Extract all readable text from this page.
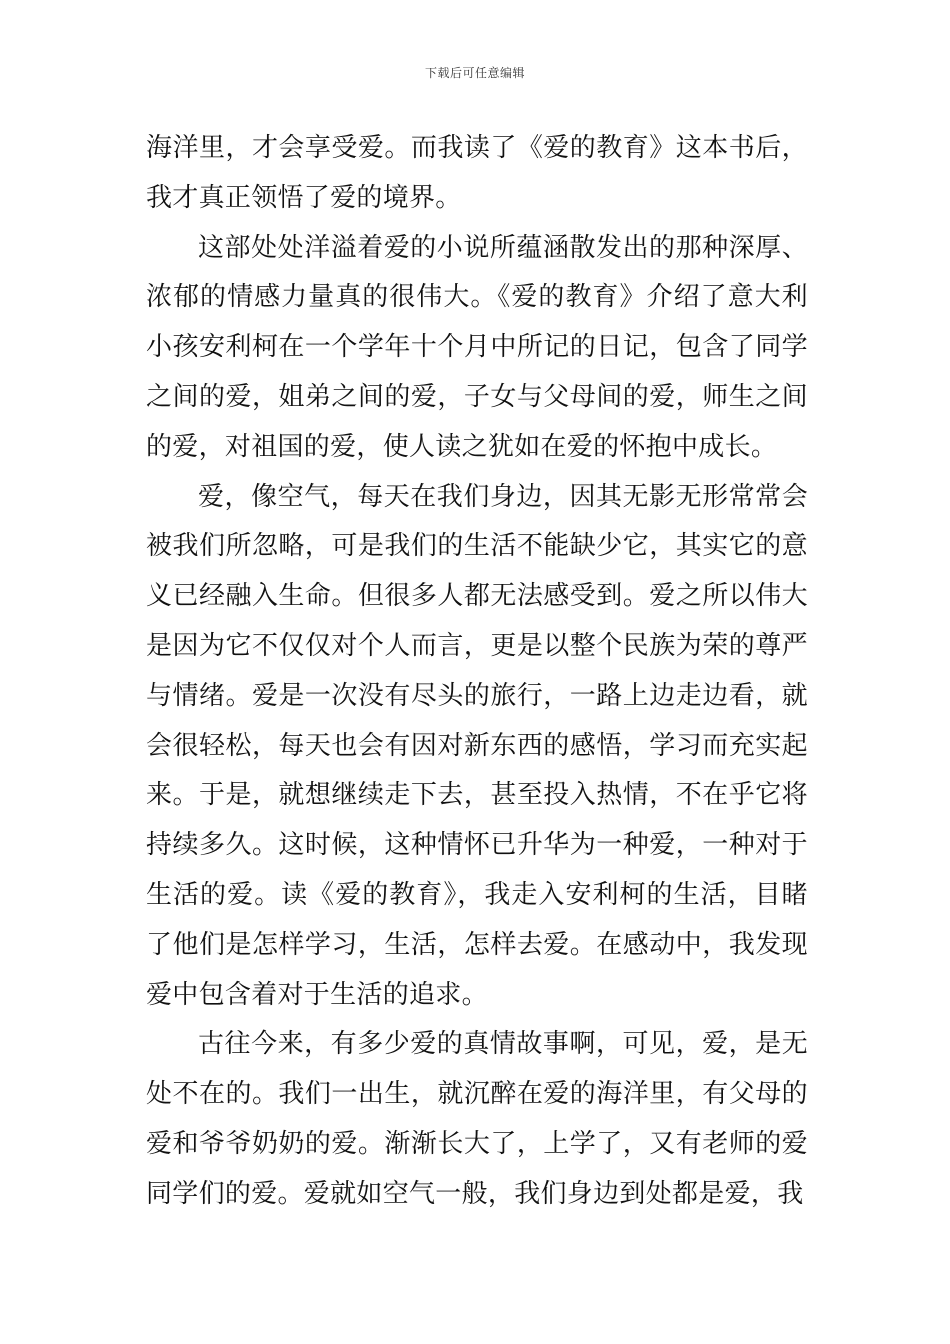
下载后可任意编辑

海洋里，才会享受爱。而我读了《爱的教育》这本书后，我才真正领悟了爱的境界。

这部处处洋溢着爱的小说所蕴涵散发出的那种深厚、浓郁的情感力量真的很伟大。《爱的教育》介绍了意大利小孩安利柯在一个学年十个月中所记的日记，包含了同学之间的爱，姐弟之间的爱，子女与父母间的爱，师生之间的爱，对祖国的爱，使人读之犹如在爱的怀抱中成长。

爱，像空气，每天在我们身边，因其无影无形常常会被我们所忽略，可是我们的生活不能缺少它，其实它的意义已经融入生命。但很多人都无法感受到。爱之所以伟大是因为它不仅仅对个人而言，更是以整个民族为荣的尊严与情绪。爱是一次没有尽头的旅行，一路上边走边看，就会很轻松，每天也会有因对新东西的感悟，学习而充实起来。于是，就想继续走下去，甚至投入热情，不在乎它将持续多久。这时候，这种情怀已升华为一种爱，一种对于生活的爱。读《爱的教育》，我走入安利柯的生活，目睹了他们是怎样学习，生活，怎样去爱。在感动中，我发现爱中包含着对于生活的追求。

古往今来，有多少爱的真情故事啊，可见，爱，是无处不在的。我们一出生，就沉醉在爱的海洋里，有父母的爱和爷爷奶奶的爱。渐渐长大了，上学了，又有老师的爱同学们的爱。爱就如空气一般，我们身边到处都是爱，我
